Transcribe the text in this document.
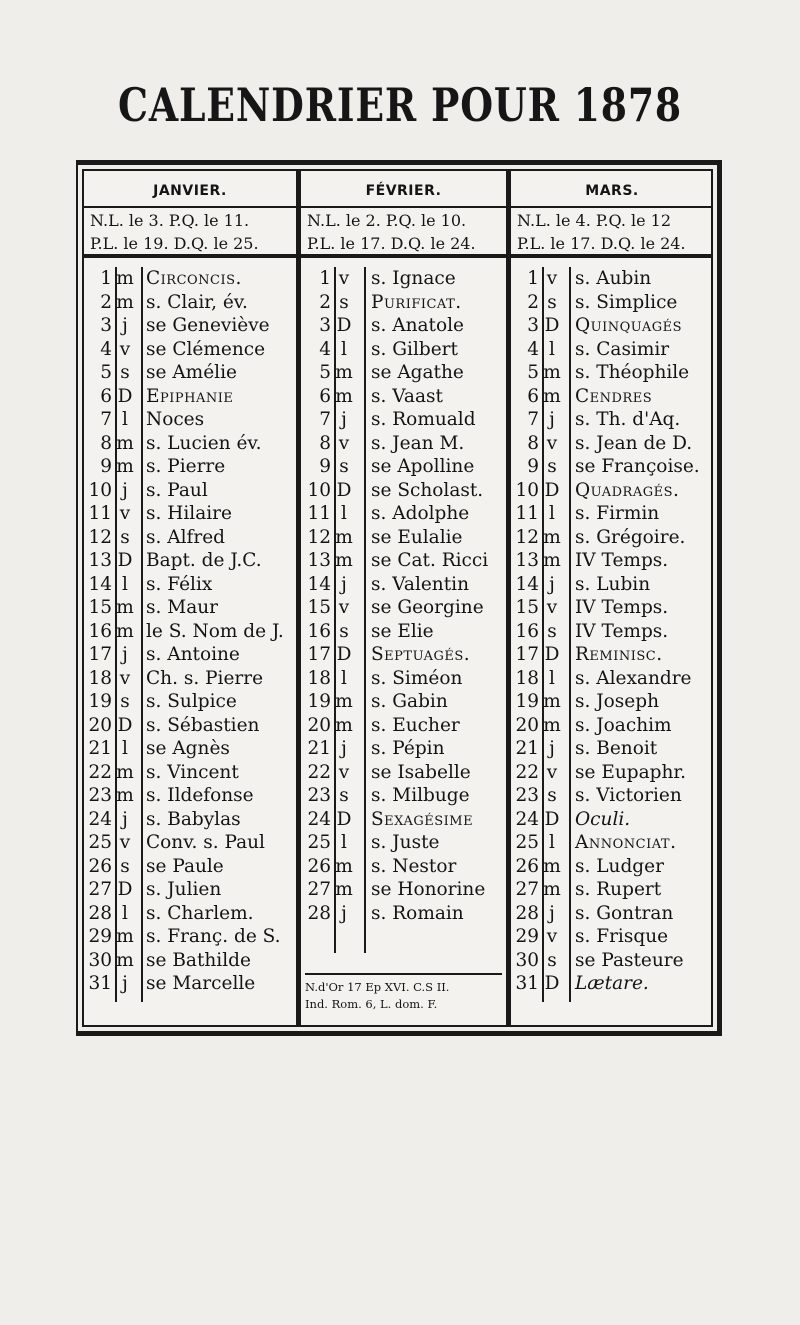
CALENDRIER POUR 1878
JANVIER.
N.L. le 3. P.Q. le 11.
P.L. le 19. D.Q. le 25.
1 m Circoncis.
2 m s. Clair, év.
3 j se Geneviève
4 v se Clémence
5 s se Amélie
6 D Epiphanie
7 l Noces
8 m s. Lucien év.
9 m s. Pierre
10 j s. Paul
11 v s. Hilaire
12 s s. Alfred
13 D Bapt. de J.C.
14 l s. Félix
15 m s. Maur
16 m le S. Nom de J.
17 j s. Antoine
18 v Ch. s. Pierre
19 s s. Sulpice
20 D s. Sébastien
21 l se Agnès
22 m s. Vincent
23 m s. Ildefonse
24 j s. Babylas
25 v Conv. s. Paul
26 s se Paule
27 D s. Julien
28 l s. Charlem.
29 m s. Franç. de S.
30 m se Bathilde
31 j se Marcelle
FÉVRIER.
N.L. le 2. P.Q. le 10.
P.L. le 17. D.Q. le 24.
1 v	s. Ignace
2 s	Purificat.
3 D	s. Anatole
4 l	s. Gilbert
5 m se Agathe
6 m s. Vaast
7 j	s. Romuald
8 v	s. Jean M.
9 s	se Apolline
10 D	se Scholast.
11 l	s. Adolphe
12 m se Eulalie
13 m se Cat. Ricci
14 j	s. Valentin
15 v	se Georgine
16 s	se Elie
17 D	Septuagés.
18 l	s. Siméon
19 m s. Gabin
20 m s. Eucher
21 j	s. Pépin
22 v	se Isabelle
23 s	s. Milbuge
24 D	Sexagésime
25 l	s. Juste
26 m s. Nestor
27 m se Honorine
28 j	s. Romain
N.d'Or 17 Ep XVI. C.S II.
Ind. Rom. 6, L. dom. F.
MARS.
N.L. le 4. P.Q. le 12
P.L. le 17. D.Q. le 24.
1 v s. Aubin
2 s s. Simplice
3 D Quinquagés
4 l	s. Casimir
5 m s. Théophile
6 m Cendres
7 j	s. Th. d'Aq.
8 v s. Jean de D.
9 s se Françoise.
10 D Quadragés.
11 l	s. Firmin
12 m s. Grégoire.
13 m IV Temps.
14 j	s. Lubin
15 v IV Temps.
16 s IV Temps.
17 D Reminisc.
18 l	s. Alexandre
19 m s. Joseph
20 m s. Joachim
21 j	s. Benoit
22 v se Eupaphr.
23 s s. Victorien
24 D Oculi.
25 l	Annonciat.
26 m s. Ludger
27 m s. Rupert
28 j	s. Gontran
29 v s. Frisque
30 s se Pasteure
31 D Lætare.
